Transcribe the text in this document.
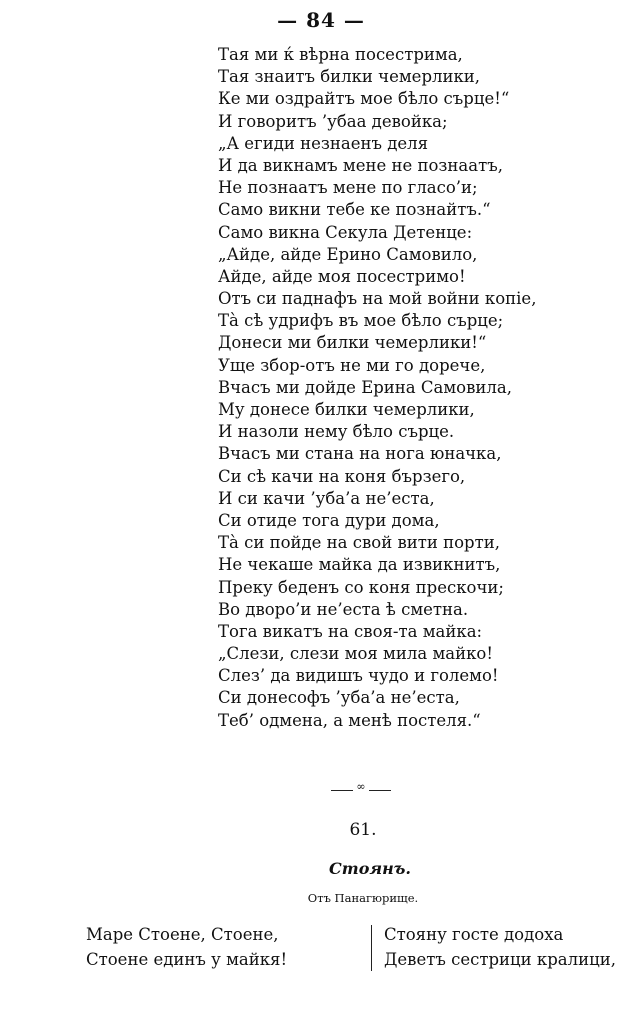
— 84 —
Тая ми ќ вѣрна посестрима,
Тая знаитъ билки чемерлики,
Ке ми оздрайтъ мое бѣло сърце!“
И говоритъ ’убаа девойка;
„А егиди незнаенъ деля
И да викнамъ мене не познаатъ,
Не познаатъ мене по гласо’и;
Само викни тебе ке познайтъ.“
Само викна Секула Детенце:
„Айде, айде Ерино Самовило,
Айде, айде моя посестримо!
Отъ си паднафъ на мой войни копіе,
Тà сѣ удрифъ въ мое бѣло сърце;
Донеси ми билки чемерлики!“
Уще збор-отъ не ми го доречe,
Вчасъ ми дойде Ерина Самовила,
Му донесе билки чемерлики,
И назоли нему бѣло сърце.
Вчасъ ми стана на нога юначка,
Си сѣ качи на коня бързего,
И си качи ’уба’а не’еста,
Си отиде тога дури дома,
Тà си пойде на свой вити порти,
Не чекаше майка да извикнитъ,
Преку беденъ со коня прескочи;
Во дворо’и не’еста ѣ сметна.
Тога викатъ на своя-та майка:
„Слези, слези моя мила майко!
Слез’ да видишъ чудо и големо!
Си донесофъ ’уба’а не’еста,
Теб’ одмена, а менѣ постеля.“
∞
61.
Стоянъ.
Отъ Панагюрище.
Маре Стоене, Стоене,
Стоене единъ у майкя!
Стояну госте додоха
Деветъ сестрици кралици,
